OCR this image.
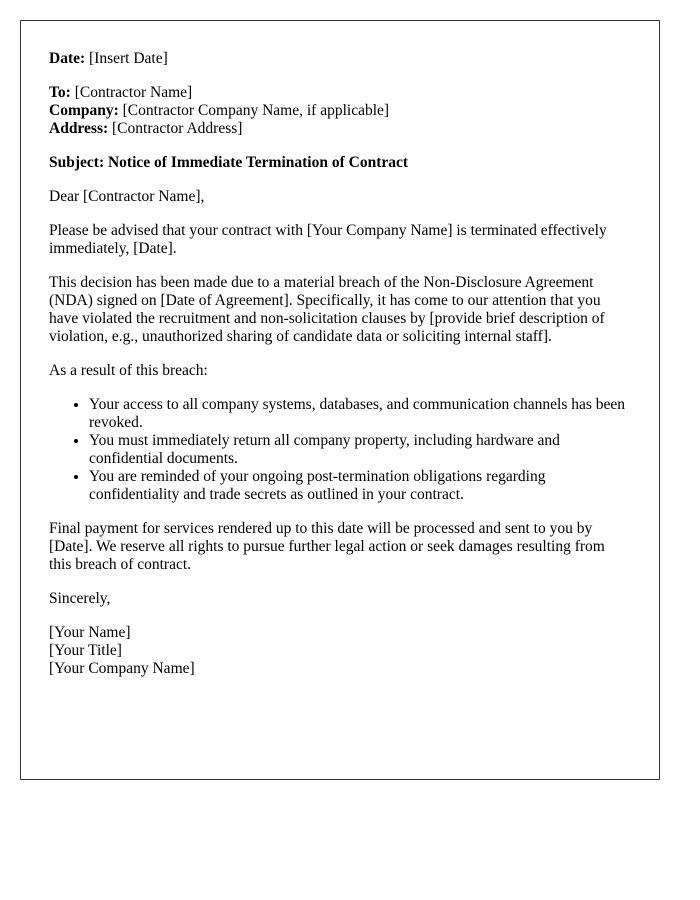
Date: [Insert Date]
To: [Contractor Name]
Company: [Contractor Company Name, if applicable]
Address: [Contractor Address]
Subject: Notice of Immediate Termination of Contract
Dear [Contractor Name],
Please be advised that your contract with [Your Company Name] is terminated effectively immediately, [Date].
This decision has been made due to a material breach of the Non-Disclosure Agreement (NDA) signed on [Date of Agreement]. Specifically, it has come to our attention that you have violated the recruitment and non-solicitation clauses by [provide brief description of violation, e.g., unauthorized sharing of candidate data or soliciting internal staff].
As a result of this breach:
• Your access to all company systems, databases, and communication channels has been revoked.
• You must immediately return all company property, including hardware and confidential documents.
• You are reminded of your ongoing post-termination obligations regarding confidentiality and trade secrets as outlined in your contract.
Final payment for services rendered up to this date will be processed and sent to you by [Date]. We reserve all rights to pursue further legal action or seek damages resulting from this breach of contract.
Sincerely,
[Your Name]
[Your Title]
[Your Company Name]
